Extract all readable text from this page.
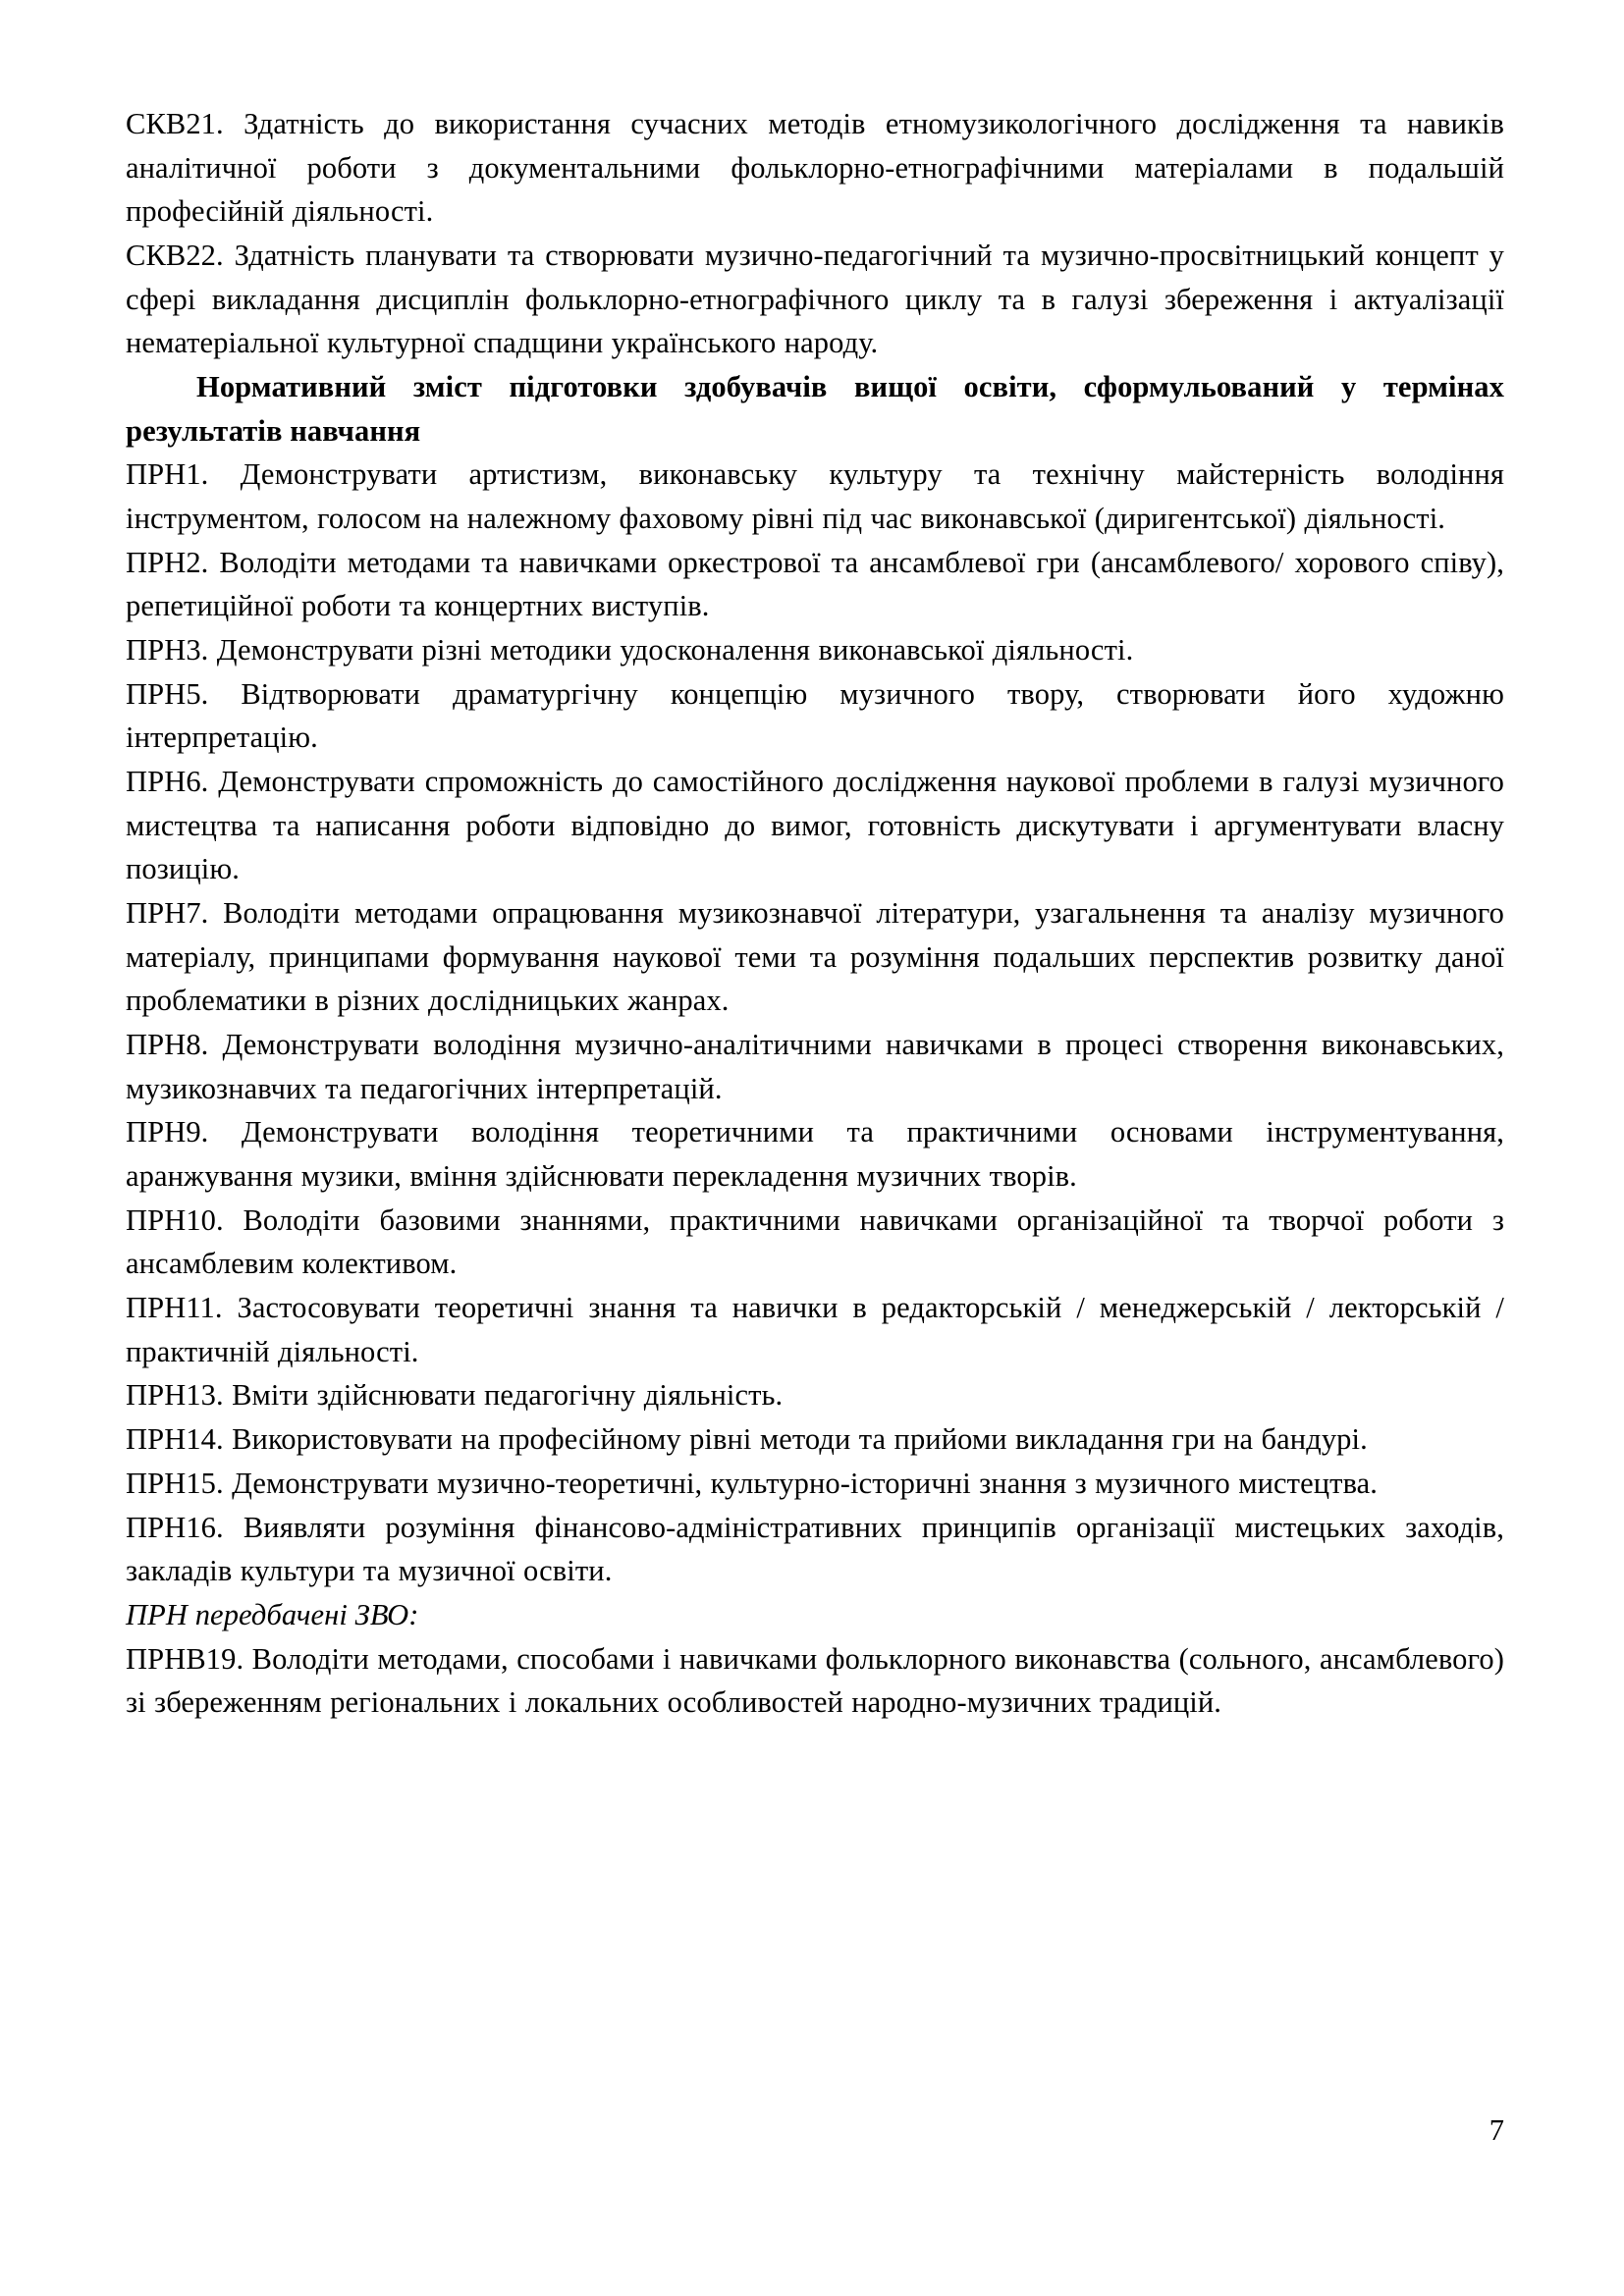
СКВ21. Здатність до використання сучасних методів етномузикологічного дослідження та навиків аналітичної роботи з документальними фольклорно-етнографічними матеріалами в подальшій професійній діяльності.

СКВ22. Здатність планувати та створювати музично-педагогічний та музично-просвітницький концепт у сфері викладання дисциплін фольклорно-етнографічного циклу та в галузі збереження і актуалізації нематеріальної культурної спадщини українського народу.

Нормативний зміст підготовки здобувачів вищої освіти, сформульований у термінах результатів навчання

ПРН1. Демонструвати артистизм, виконавську культуру та технічну майстерність володіння інструментом, голосом на належному фаховому рівні під час виконавської (диригентської) діяльності.

ПРН2. Володіти методами та навичками оркестрової та ансамблевої гри (ансамблевого/ хорового співу), репетиційної роботи та концертних виступів.

ПРН3. Демонструвати різні методики удосконалення виконавської діяльності.

ПРН5. Відтворювати драматургічну концепцію музичного твору, створювати його художню інтерпретацію.

ПРН6. Демонструвати спроможність до самостійного дослідження наукової проблеми в галузі музичного мистецтва та написання роботи відповідно до вимог, готовність дискутувати і аргументувати власну позицію.

ПРН7. Володіти методами опрацювання музикознавчої літератури, узагальнення та аналізу музичного матеріалу, принципами формування наукової теми та розуміння подальших перспектив розвитку даної проблематики в різних дослідницьких жанрах.

ПРН8. Демонструвати володіння музично-аналітичними навичками в процесі створення виконавських, музикознавчих та педагогічних інтерпретацій.

ПРН9. Демонструвати володіння теоретичними та практичними основами інструментування, аранжування музики, вміння здійснювати перекладення музичних творів.

ПРН10. Володіти базовими знаннями, практичними навичками організаційної та творчої роботи з ансамблевим колективом.

ПРН11. Застосовувати теоретичні знання та навички в редакторській / менеджерській / лекторській / практичній діяльності.

ПРН13. Вміти здійснювати педагогічну діяльність.

ПРН14. Використовувати на професійному рівні методи та прийоми викладання гри на бандурі.

ПРН15. Демонструвати музично-теоретичні, культурно-історичні знання з музичного мистецтва.

ПРН16. Виявляти розуміння фінансово-адміністративних принципів організації мистецьких заходів, закладів культури та музичної освіти.

ПРН передбачені ЗВО:

ПРНВ19. Володіти методами, способами і навичками фольклорного виконавства (сольного, ансамблевого) зі збереженням регіональних і локальних особливостей народно-музичних традицій.

7
